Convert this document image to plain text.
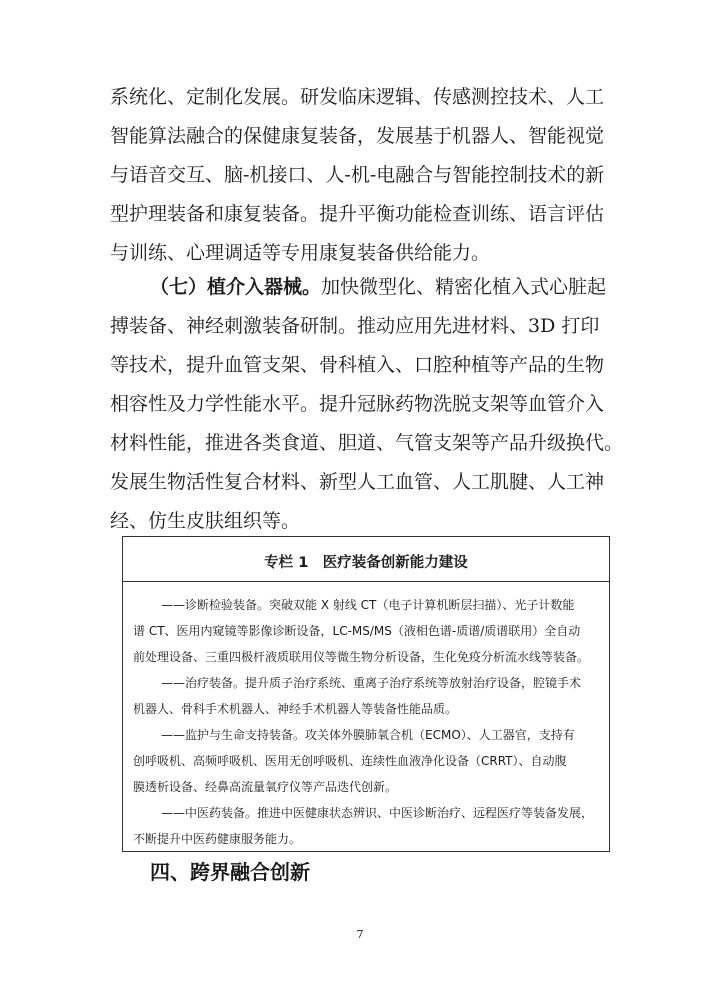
系统化、定制化发展。研发临床逻辑、传感测控技术、人工
智能算法融合的保健康复装备，发展基于机器人、智能视觉
与语音交互、脑-机接口、人-机-电融合与智能控制技术的新
型护理装备和康复装备。提升平衡功能检查训练、语言评估
与训练、心理调适等专用康复装备供给能力。
（七）植介入器械。加快微型化、精密化植入式心脏起
搏装备、神经刺激装备研制。推动应用先进材料、3D 打印
等技术，提升血管支架、骨科植入、口腔种植等产品的生物
相容性及力学性能水平。提升冠脉药物洗脱支架等血管介入
材料性能，推进各类食道、胆道、气管支架等产品升级换代。
发展生物活性复合材料、新型人工血管、人工肌腱、人工神
经、仿生皮肤组织等。
专栏 1　医疗装备创新能力建设
——诊断检验装备。突破双能 X 射线 CT（电子计算机断层扫描）、光子计数能
谱 CT、医用内窥镜等影像诊断设备，LC-MS/MS（液相色谱-质谱/质谱联用）全自动
前处理设备、三重四极杆液质联用仪等微生物分析设备，生化免疫分析流水线等装备。
——治疗装备。提升质子治疗系统、重离子治疗系统等放射治疗设备，腔镜手术
机器人、骨科手术机器人、神经手术机器人等装备性能品质。
——监护与生命支持装备。攻关体外膜肺氧合机（ECMO）、人工器官，支持有
创呼吸机、高频呼吸机、医用无创呼吸机、连续性血液净化设备（CRRT）、自动腹
膜透析设备、经鼻高流量氧疗仪等产品迭代创新。
——中医药装备。推进中医健康状态辨识、中医诊断治疗、远程医疗等装备发展，
不断提升中医药健康服务能力。
四、跨界融合创新
7
